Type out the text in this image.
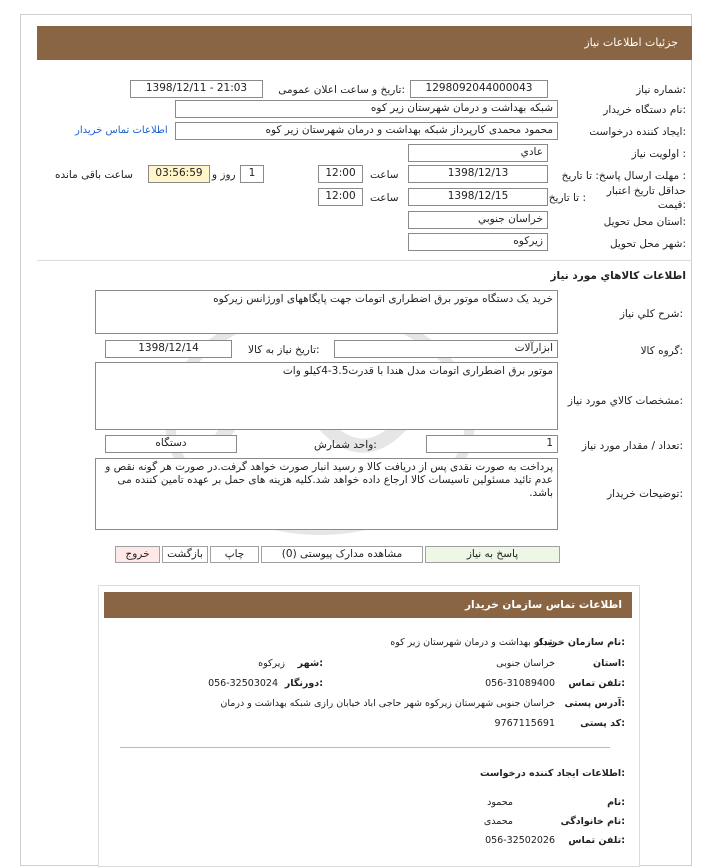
جزئیات اطلاعات نیاز
شماره نیاز:
1298092044000043
تاریخ و ساعت اعلان عمومی:
1398/12/11 - 21:03
نام دستگاه خریدار:
شبکه بهداشت و درمان شهرستان زیر کوه
ایجاد کننده درخواست:
محمود محمدی کارپرداز شبکه بهداشت و درمان شهرستان زیر کوه
اطلاعات تماس خریدار
اولویت نیاز :
عادي
مهلت ارسال پاسخ: تا تاریخ :
1398/12/13
ساعت
12:00
1
روز و
03:56:59
ساعت باقی مانده
حداقل تاریخ اعتبار
قیمت:
تا تاریخ :
1398/12/15
ساعت
12:00
استان محل تحویل:
خراسان جنوبي
شهر محل تحویل:
زیرکوه
اطلاعات کالاهاي مورد نياز
شرح کلي نياز:
خرید یک دستگاه موتور برق اضطراری اتومات جهت پایگاههای اورژانس زیرکوه
گروه کالا:
ابزارآلات
تاریخ نیاز به کالا:
1398/12/14
مشخصات کالاي مورد نياز:
موتور برق اضطراری اتومات مدل هندا با قدرت3.5-4کیلو وات
تعداد / مقدار مورد نیاز:
1
واحد شمارش:
دستگاه
توضیحات خریدار:
پرداخت به صورت نقدی پس از دریافت کالا و رسید انبار صورت خواهد گرفت.در صورت هر گونه نقص و عدم تائید مسئولین تاسیسات کالا ارجاع داده خواهد شد.کلیه هزینه های حمل بر عهده تامین کننده می باشد.
پاسخ به نیاز
مشاهده مدارک پیوستی (0)
چاپ
بازگشت
خروج
اطلاعات تماس سازمان خریدار
نام سازمان خریدار:
شبکه بهداشت و درمان شهرستان زیر کوه
استان:
خراسان جنوبی
شهر:
زیرکوه
تلفن تماس:
056-31089400
دورنگار:
056-32503024
آدرس پستی:
خراسان جنوبی شهرستان زیرکوه شهر حاجی اباد خیابان رازی شبکه بهداشت و درمان
کد پستی:
9767115691
اطلاعات ایجاد کننده درخواست:
نام:
محمود
نام خانوادگی:
محمدی
تلفن تماس:
056-32502026
